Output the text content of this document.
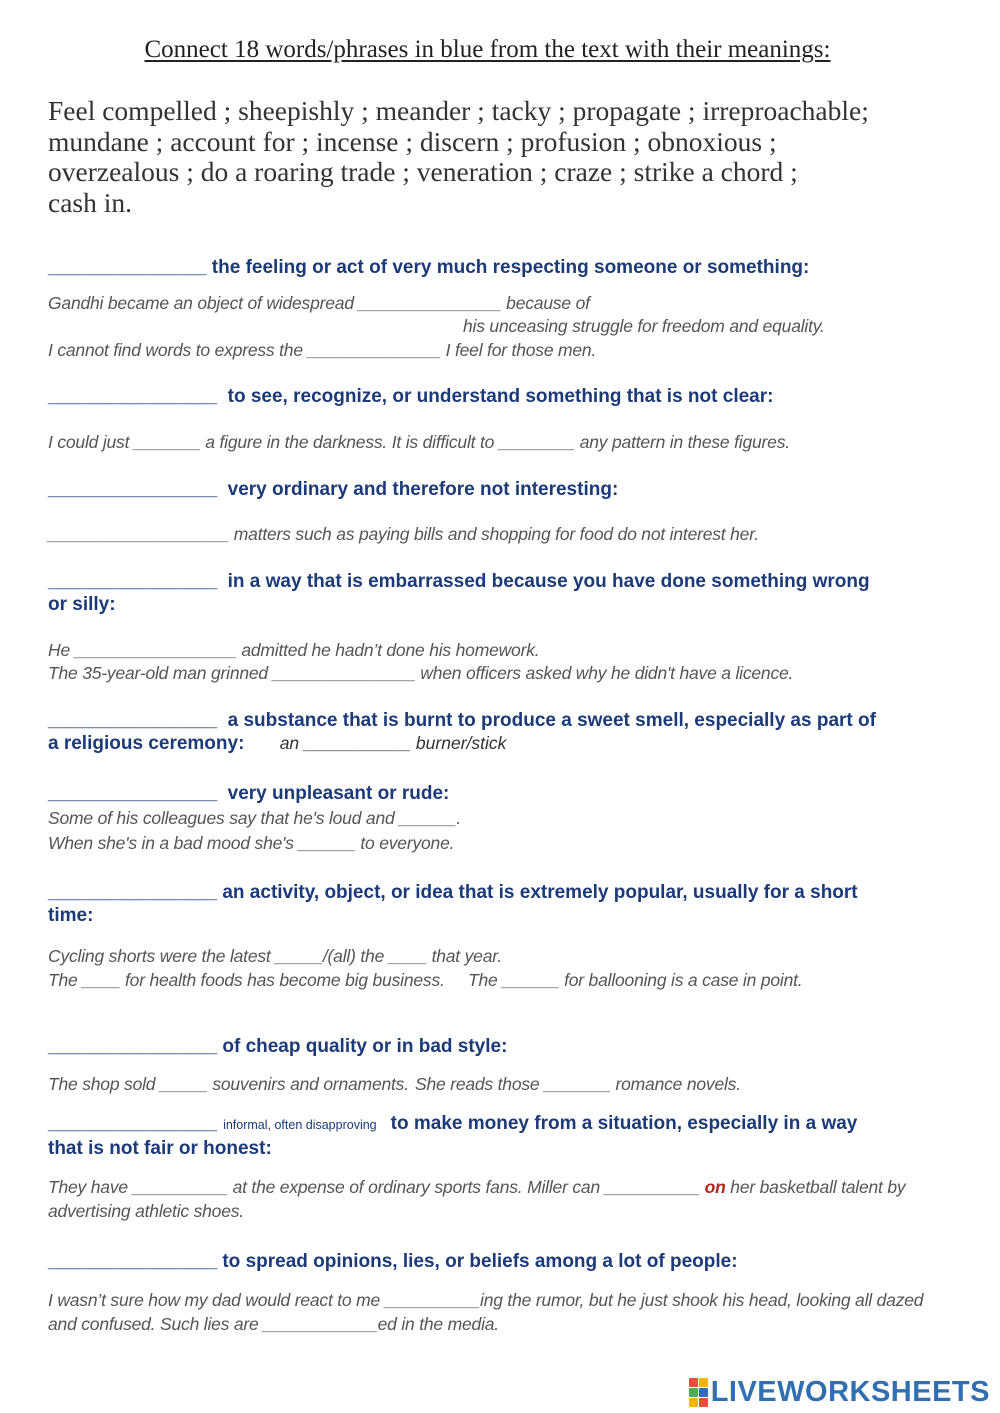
Connect 18 words/phrases in blue from the text with their meanings:
Feel compelled ; sheepishly ; meander ; tacky ; propagate ; irreproachable;
mundane ; account for ; incense ; discern ; profusion ; obnoxious ;
overzealous ; do a roaring trade ; veneration ; craze ; strike a chord ;
cash in.
_______________ the feeling or act of very much respecting someone or something:
Gandhi became an object of widespread _______________ because of
his unceasing struggle for freedom and equality.
I cannot find words to express the ______________ I feel for those men.
________________ to see, recognize, or understand something that is not clear:
I could just _______ a figure in the darkness. It is difficult to ________ any pattern in these figures.
________________ very ordinary and therefore not interesting:
___________________ matters such as paying bills and shopping for food do not interest her.
________________ in a way that is embarrassed because you have done something wrong
or silly:
He _________________ admitted he hadn’t done his homework.
The 35-year-old man grinned _______________ when officers asked why he didn't have a licence.
________________ a substance that is burnt to produce a sweet smell, especially as part of
a religious ceremony: an ___________ burner/stick
________________ very unpleasant or rude:
Some of his colleagues say that he's loud and ______.
When she's in a bad mood she's ______ to everyone.
________________ an activity, object, or idea that is extremely popular, usually for a short
time:
Cycling shorts were the latest _____/(all) the ____ that year.
The ____ for health foods has become big business. The ______ for ballooning is a case in point.
________________ of cheap quality or in bad style:
The shop sold _____ souvenirs and ornaments. She reads those _______ romance novels.
________________ informal, often disapproving to make money from a situation, especially in a way
that is not fair or honest:
They have __________ at the expense of ordinary sports fans. Miller can __________ on her basketball talent by
advertising athletic shoes.
________________ to spread opinions, lies, or beliefs among a lot of people:
I wasn’t sure how my dad would react to me __________ing the rumor, but he just shook his head, looking all dazed
and confused. Such lies are ____________ed in the media.
LIVEWORKSHEETS
